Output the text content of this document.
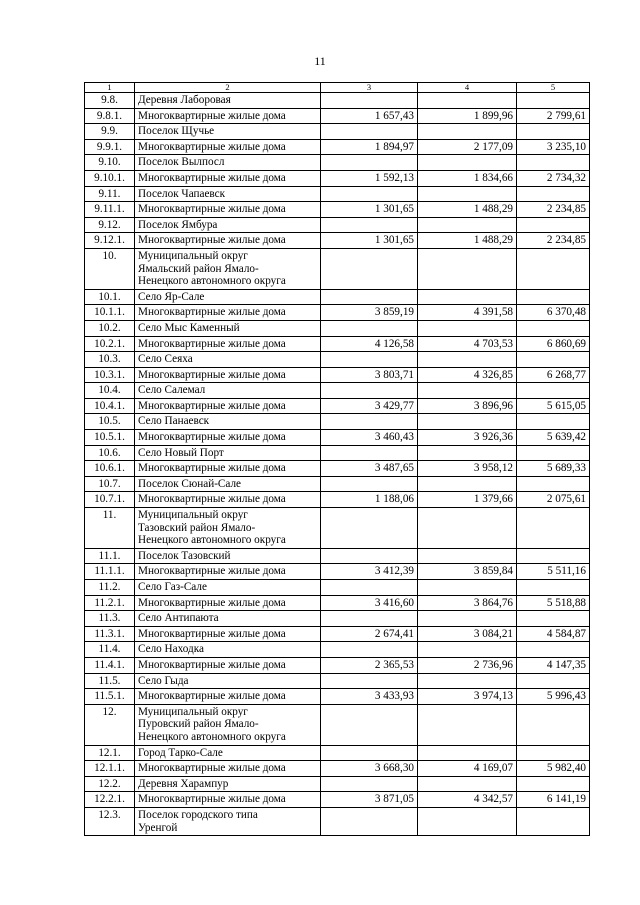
11
1	2	3	4	5
9.8.	Деревня Лаборовая			
9.8.1.	Многоквартирные жилые дома	1 657,43	1 899,96	2 799,61
9.9.	Поселок Щучье			
9.9.1.	Многоквартирные жилые дома	1 894,97	2 177,09	3 235,10
9.10.	Поселок Вылпосл			
9.10.1.	Многоквартирные жилые дома	1 592,13	1 834,66	2 734,32
9.11.	Поселок Чапаевск			
9.11.1.	Многоквартирные жилые дома	1 301,65	1 488,29	2 234,85
9.12.	Поселок Ямбура			
9.12.1.	Многоквартирные жилые дома	1 301,65	1 488,29	2 234,85
10.	Муниципальный округ
Ямальский район Ямало-
Ненецкого автономного округа			
10.1.	Село Яр-Сале			
10.1.1.	Многоквартирные жилые дома	3 859,19	4 391,58	6 370,48
10.2.	Село Мыс Каменный			
10.2.1.	Многоквартирные жилые дома	4 126,58	4 703,53	6 860,69
10.3.	Село Сеяха			
10.3.1.	Многоквартирные жилые дома	3 803,71	4 326,85	6 268,77
10.4.	Село Салемал			
10.4.1.	Многоквартирные жилые дома	3 429,77	3 896,96	5 615,05
10.5.	Село Панаевск			
10.5.1.	Многоквартирные жилые дома	3 460,43	3 926,36	5 639,42
10.6.	Село Новый Порт			
10.6.1.	Многоквартирные жилые дома	3 487,65	3 958,12	5 689,33
10.7.	Поселок Сюнай-Сале			
10.7.1.	Многоквартирные жилые дома	1 188,06	1 379,66	2 075,61
11.	Муниципальный округ
Тазовский район Ямало-
Ненецкого автономного округа			
11.1.	Поселок Тазовский			
11.1.1.	Многоквартирные жилые дома	3 412,39	3 859,84	5 511,16
11.2.	Село Газ-Сале			
11.2.1.	Многоквартирные жилые дома	3 416,60	3 864,76	5 518,88
11.3.	Село Антипаюта			
11.3.1.	Многоквартирные жилые дома	2 674,41	3 084,21	4 584,87
11.4.	Село Находка			
11.4.1.	Многоквартирные жилые дома	2 365,53	2 736,96	4 147,35
11.5.	Село Гыда			
11.5.1.	Многоквартирные жилые дома	3 433,93	3 974,13	5 996,43
12.	Муниципальный округ
Пуровский район Ямало-
Ненецкого автономного округа			
12.1.	Город Тарко-Сале			
12.1.1.	Многоквартирные жилые дома	3 668,30	4 169,07	5 982,40
12.2.	Деревня Харампур			
12.2.1.	Многоквартирные жилые дома	3 871,05	4 342,57	6 141,19
12.3.	Поселок городского типа
Уренгой			
